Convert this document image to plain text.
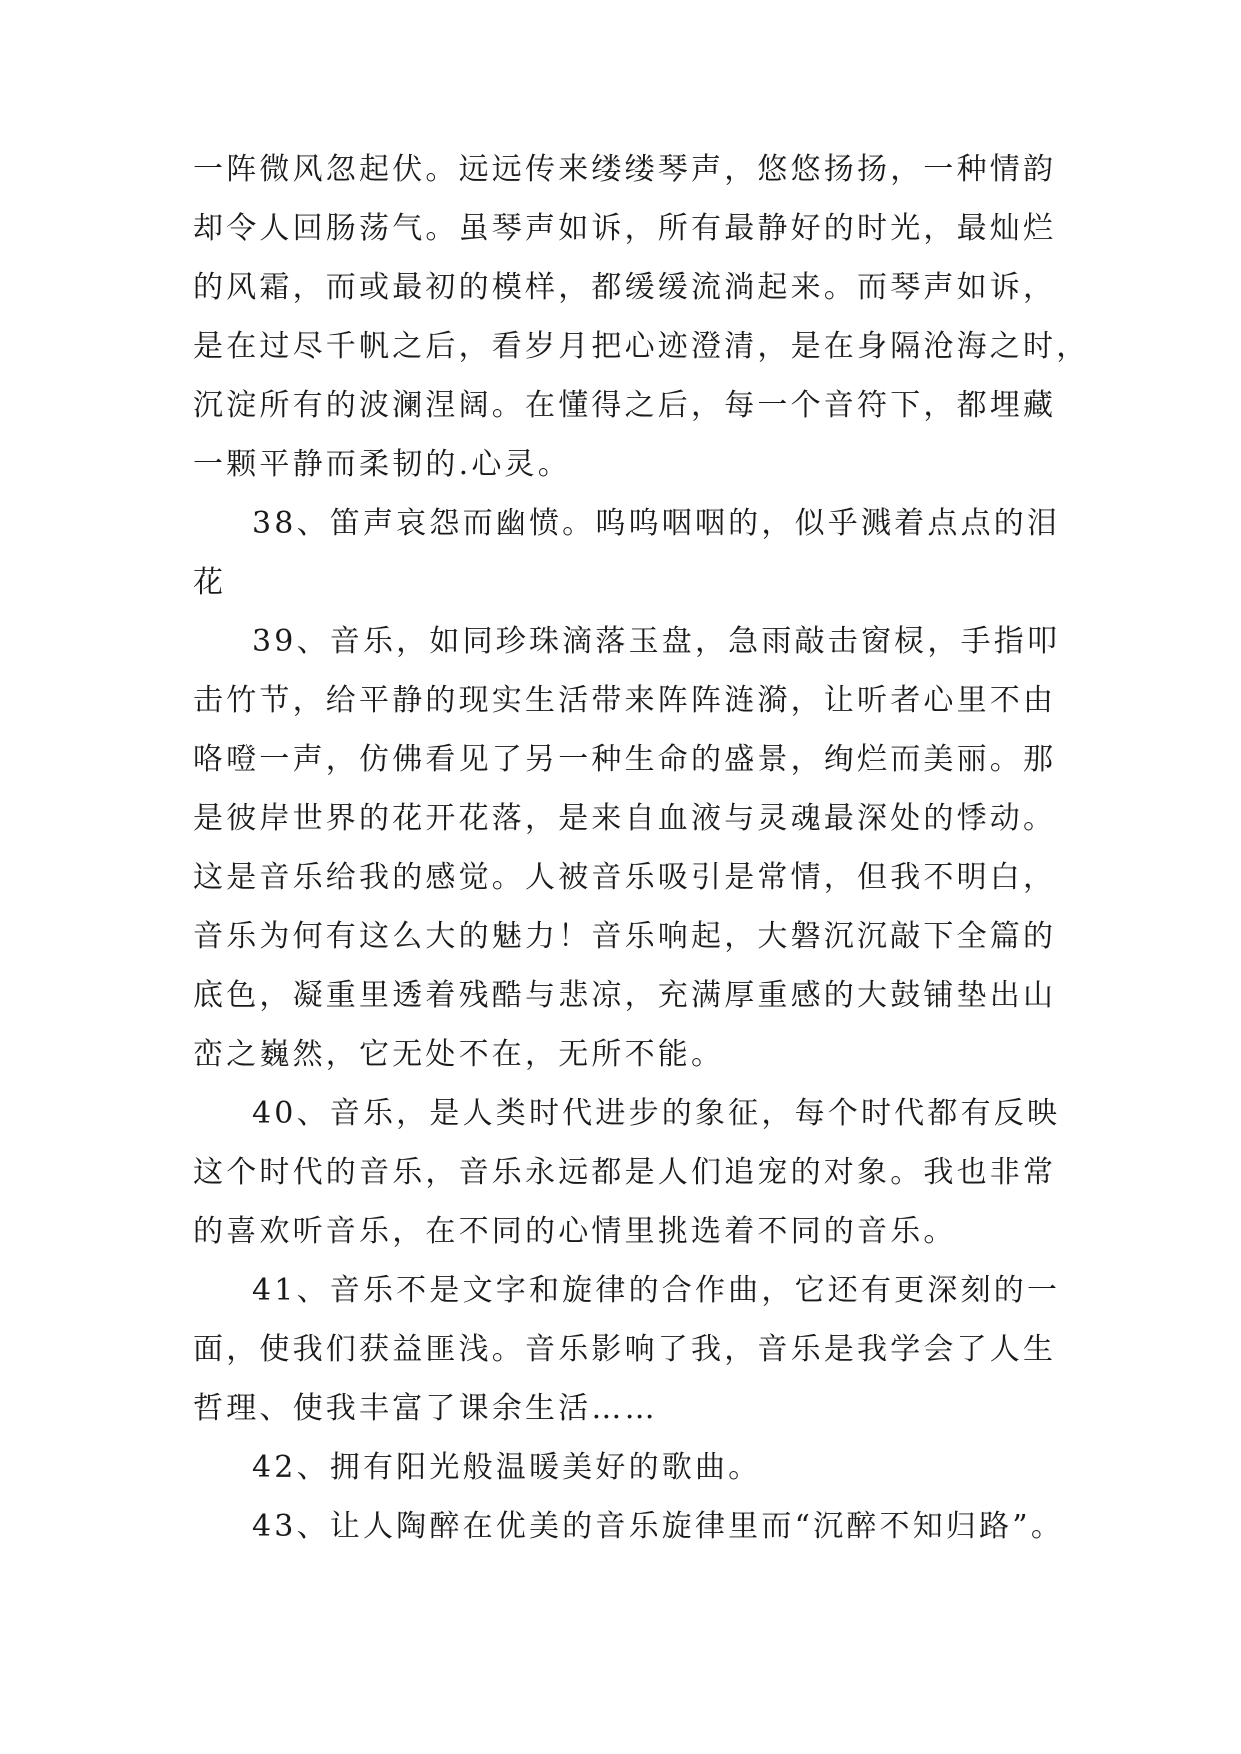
一阵微风忽起伏。远远传来缕缕琴声，悠悠扬扬，一种情韵
却令人回肠荡气。虽琴声如诉，所有最静好的时光，最灿烂
的风霜，而或最初的模样，都缓缓流淌起来。而琴声如诉，
是在过尽千帆之后，看岁月把心迹澄清，是在身隔沧海之时，
沉淀所有的波澜涅阔。在懂得之后，每一个音符下，都埋藏
一颗平静而柔韧的.心灵。
38、笛声哀怨而幽愤。呜呜咽咽的，似乎溅着点点的泪
花
39、音乐，如同珍珠滴落玉盘，急雨敲击窗棂，手指叩
击竹节，给平静的现实生活带来阵阵涟漪，让听者心里不由
咯噔一声，仿佛看见了另一种生命的盛景，绚烂而美丽。那
是彼岸世界的花开花落，是来自血液与灵魂最深处的悸动。
这是音乐给我的感觉。人被音乐吸引是常情，但我不明白，
音乐为何有这么大的魅力！音乐响起，大磐沉沉敲下全篇的
底色，凝重里透着残酷与悲凉，充满厚重感的大鼓铺垫出山
峦之巍然，它无处不在，无所不能。
40、音乐，是人类时代进步的象征，每个时代都有反映
这个时代的音乐，音乐永远都是人们追宠的对象。我也非常
的喜欢听音乐，在不同的心情里挑选着不同的音乐。
41、音乐不是文字和旋律的合作曲，它还有更深刻的一
面，使我们获益匪浅。音乐影响了我，音乐是我学会了人生
哲理、使我丰富了课余生活……
42、拥有阳光般温暖美好的歌曲。
43、让人陶醉在优美的音乐旋律里而“沉醉不知归路”。
